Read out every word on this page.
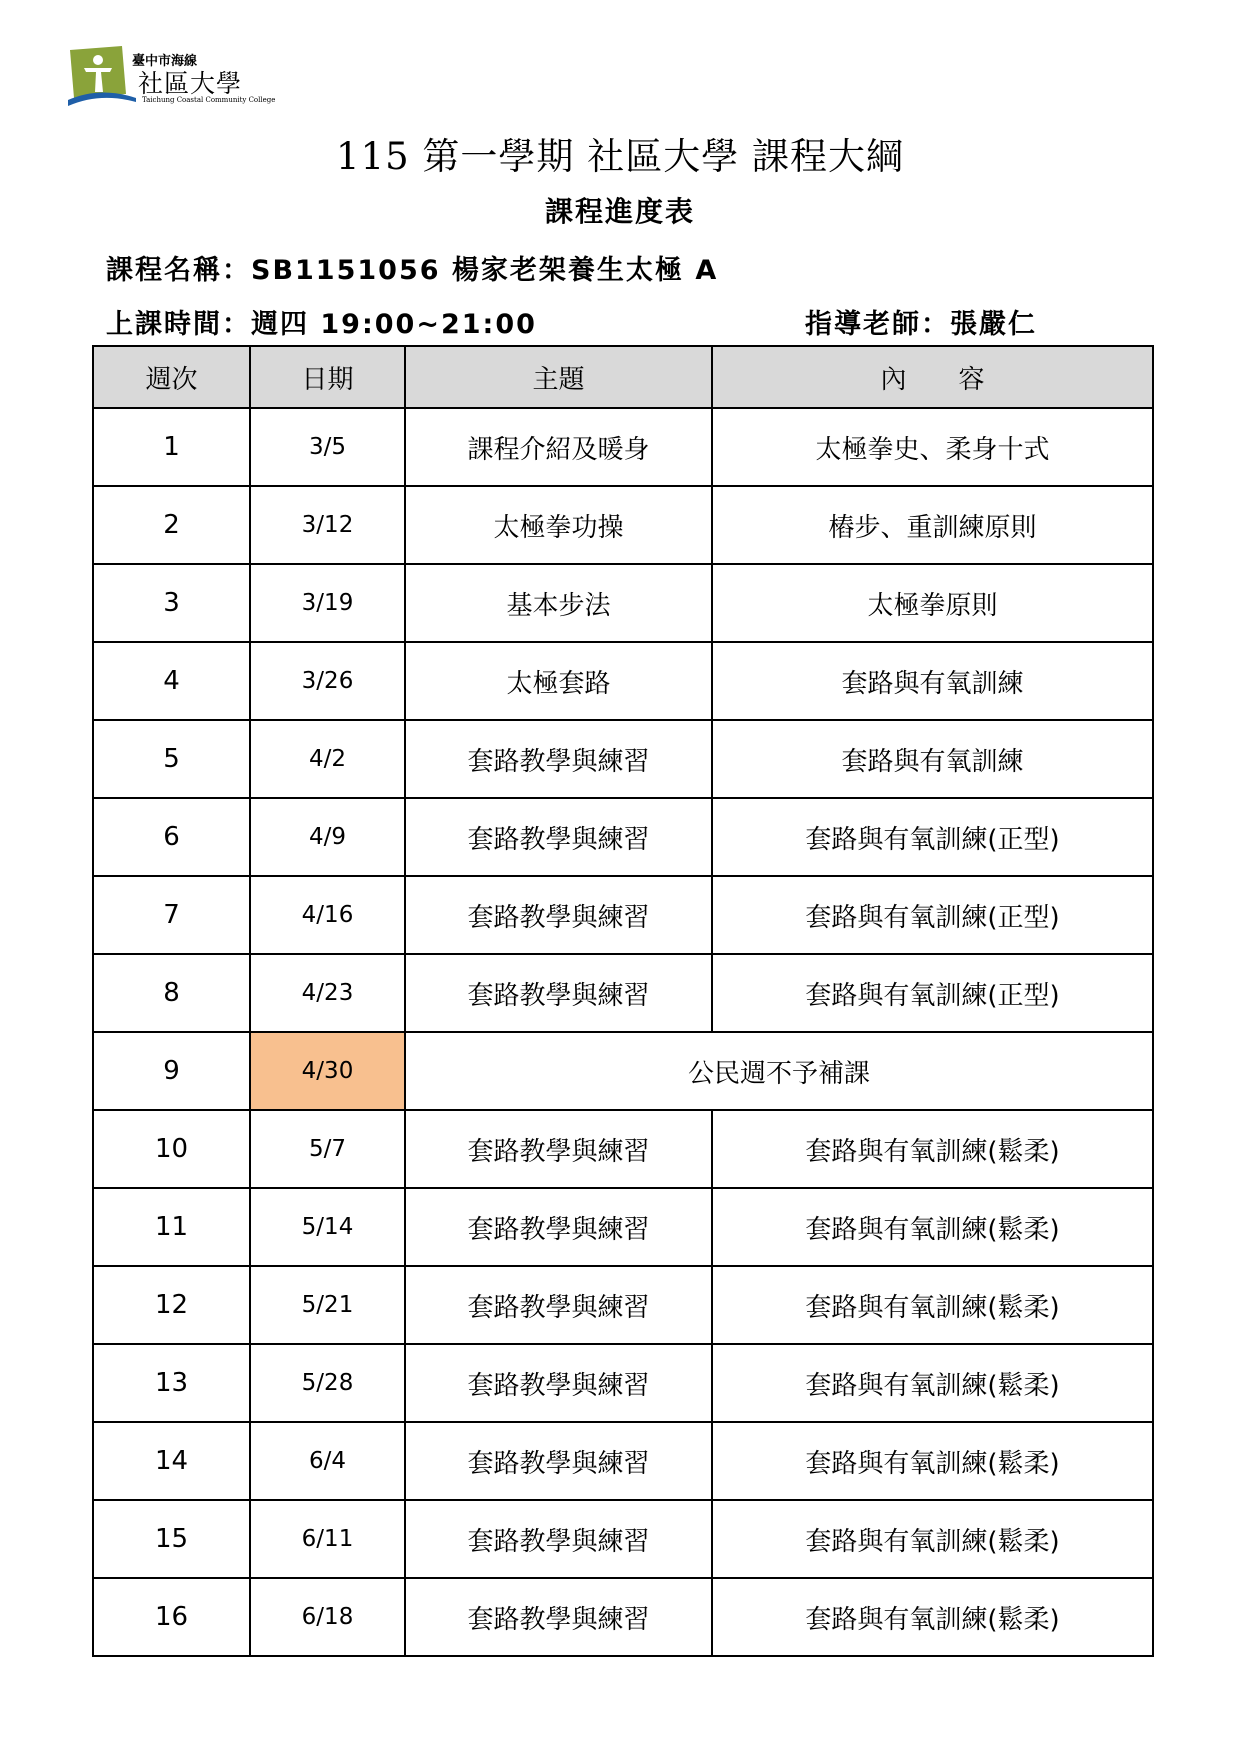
臺中市海線
社區大學
Taichung Coastal Community College
115 第一學期 社區大學 課程大綱
課程進度表
課程名稱：SB1151056 楊家老架養生太極 A
上課時間：週四 19:00~21:00	指導老師：張嚴仁
週次	日期	主題	內　　容
1	3/5	課程介紹及暖身	太極拳史、柔身十式
2	3/12	太極拳功操	樁步、重訓練原則
3	3/19	基本步法	太極拳原則
4	3/26	太極套路	套路與有氧訓練
5	4/2	套路教學與練習	套路與有氧訓練
6	4/9	套路教學與練習	套路與有氧訓練(正型)
7	4/16	套路教學與練習	套路與有氧訓練(正型)
8	4/23	套路教學與練習	套路與有氧訓練(正型)
9	4/30	公民週不予補課	
10	5/7	套路教學與練習	套路與有氧訓練(鬆柔)
11	5/14	套路教學與練習	套路與有氧訓練(鬆柔)
12	5/21	套路教學與練習	套路與有氧訓練(鬆柔)
13	5/28	套路教學與練習	套路與有氧訓練(鬆柔)
14	6/4	套路教學與練習	套路與有氧訓練(鬆柔)
15	6/11	套路教學與練習	套路與有氧訓練(鬆柔)
16	6/18	套路教學與練習	套路與有氧訓練(鬆柔)
